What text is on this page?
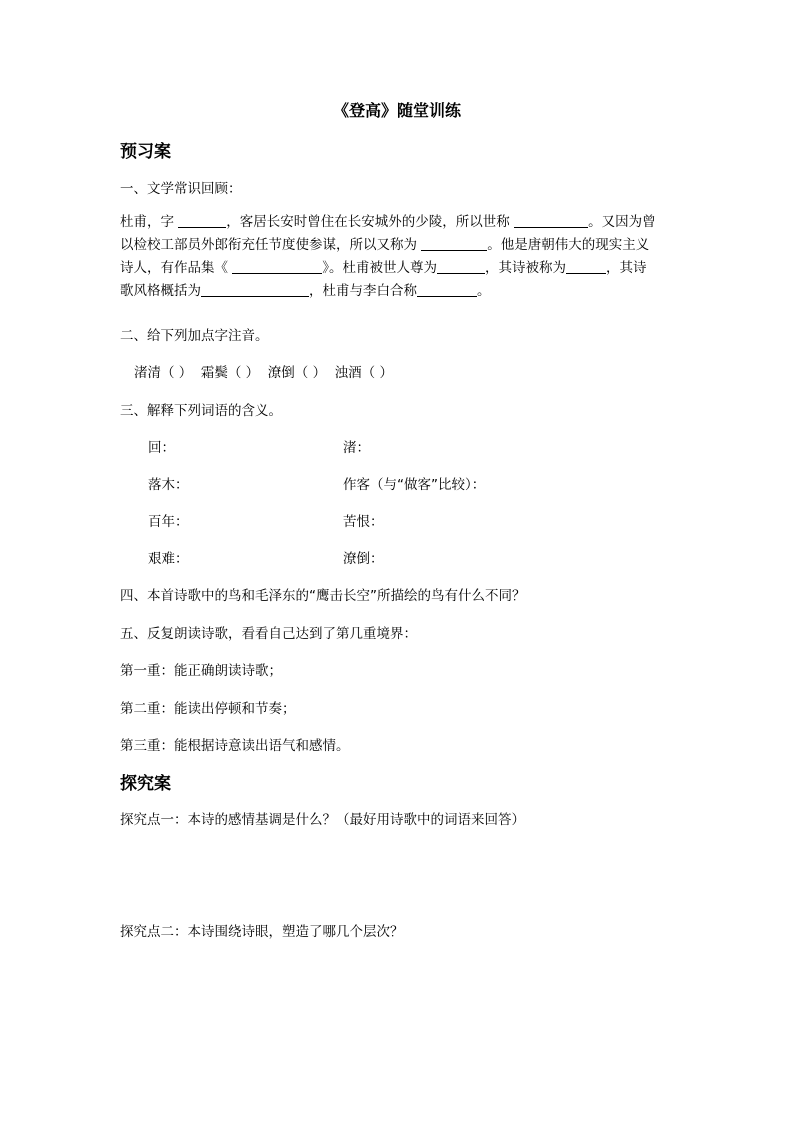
《登高》随堂训练
预习案
一、文学常识回顾：
杜甫，字	，客居长安时曾住在长安城外的少陵，所以世称	。又因为曾
以检校工部员外郎衔充任节度使参谋，所以又称为	。他是唐朝伟大的现实主义
诗人，有作品集《	》。杜甫被世人尊为	，其诗被称为	，其诗
歌风格概括为	，杜甫与李白合称	。
二、给下列加点字注音。
渚清（ ） 霜鬓（ ） 潦倒（ ） 浊酒（ ）
三、解释下列词语的含义。
回：	渚：
落木：	作客（与“做客”比较）：
百年：	苦恨：
艰难：	潦倒：
四、本首诗歌中的鸟和毛泽东的“鹰击长空”所描绘的鸟有什么不同？
五、反复朗读诗歌，看看自己达到了第几重境界：
第一重：能正确朗读诗歌；
第二重：能读出停顿和节奏；
第三重：能根据诗意读出语气和感情。
探究案
探究点一：本诗的感情基调是什么？（最好用诗歌中的词语来回答）
探究点二：本诗围绕诗眼，塑造了哪几个层次？
